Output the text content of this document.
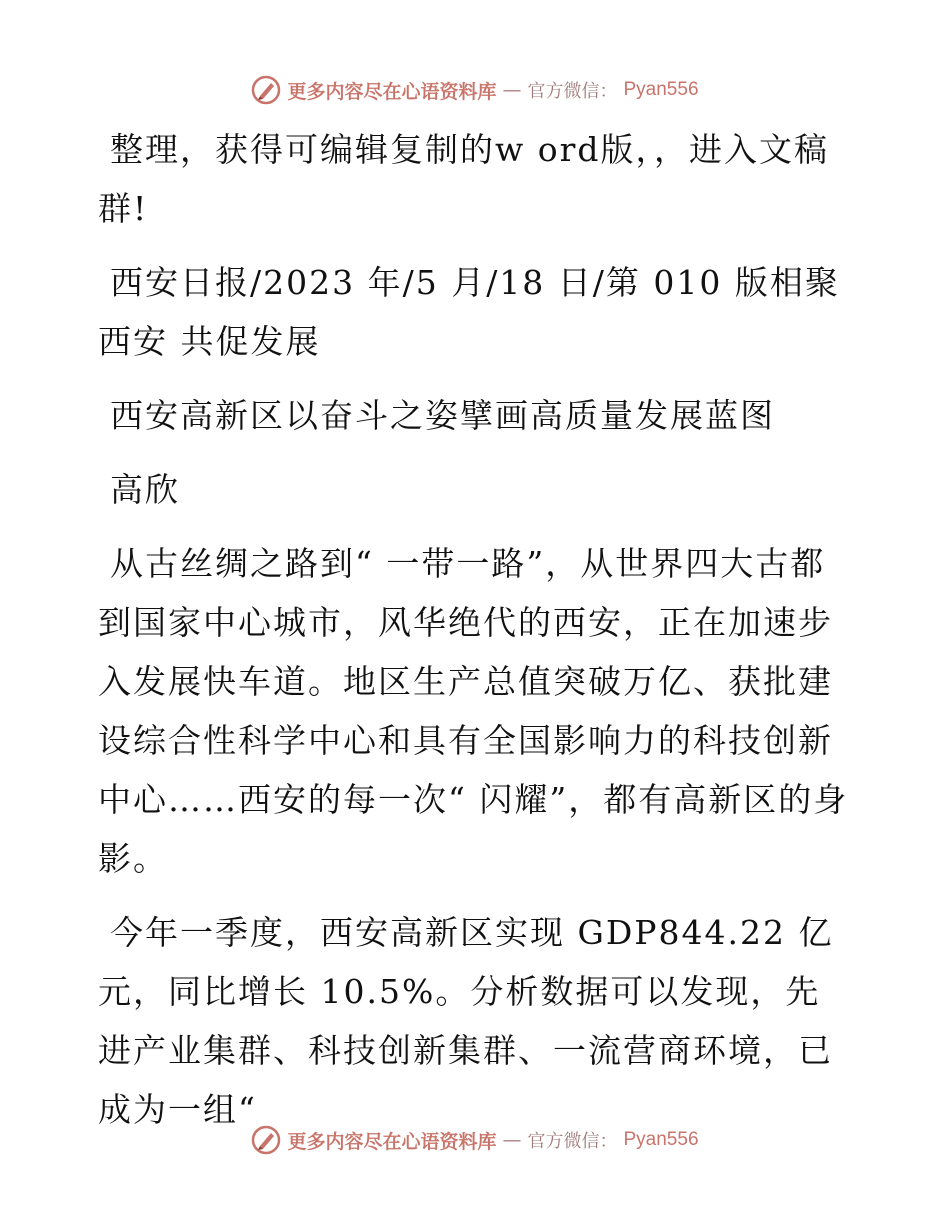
更多内容尽在心语资料库 — 官方微信： Pyan556

整理，获得可编辑复制的w ord版，，进入文稿群!

西安日报/2023 年/5 月/18 日/第 010 版相聚西安 共促发展

西安高新区以奋斗之姿擘画高质量发展蓝图

高欣

从古丝绸之路到“ 一带一路”，从世界四大古都到国家中心城市，风华绝代的西安，正在加速步入发展快车道。地区生产总值突破万亿、获批建设综合性科学中心和具有全国影响力的科技创新中心……西安的每一次“ 闪耀”，都有高新区的身影。

今年一季度，西安高新区实现 GDP844.22 亿元，同比增长 10.5%。分析数据可以发现，先进产业集群、科技创新集群、一流营商环境，已成为一组“

更多内容尽在心语资料库 — 官方微信： Pyan556
